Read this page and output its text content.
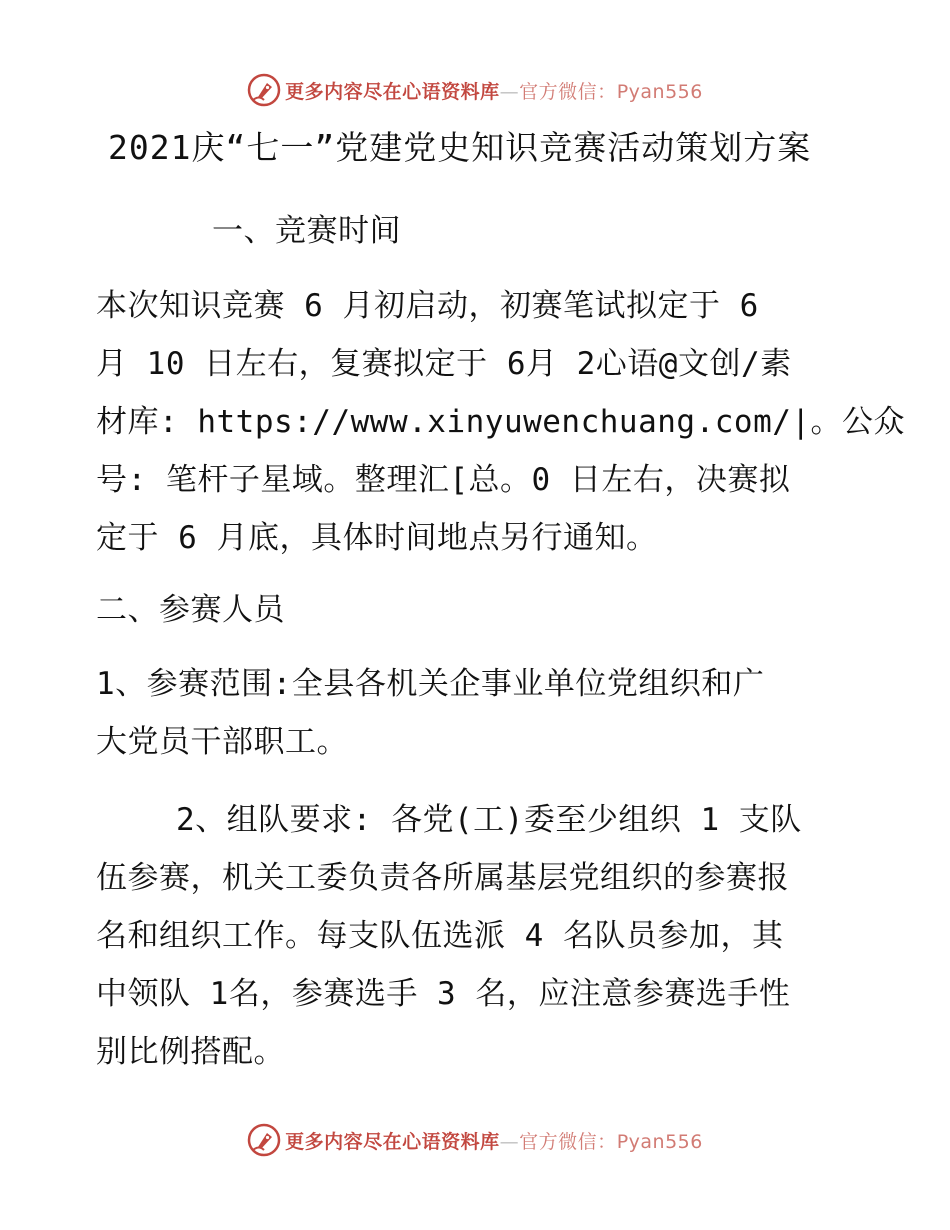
更多内容尽在心语资料库—官方微信：Pyan556
2021庆“七一”党建党史知识竞赛活动策划方案
一、竞赛时间
本次知识竞赛 6 月初启动，初赛笔试拟定于 6
月 10 日左右，复赛拟定于 6月 2心语@文创/素
材库: https://www.xinyuwenchuang.com/|。公众
号: 笔杆子星域。整理汇[总。0 日左右，决赛拟
定于 6 月底，具体时间地点另行通知。
二、参赛人员
1、参赛范围:全县各机关企事业单位党组织和广
大党员干部职工。
2、组队要求: 各党(工)委至少组织 1 支队
伍参赛，机关工委负责各所属基层党组织的参赛报
名和组织工作。每支队伍选派 4 名队员参加，其
中领队 1名，参赛选手 3 名，应注意参赛选手性
别比例搭配。
更多内容尽在心语资料库—官方微信：Pyan556
